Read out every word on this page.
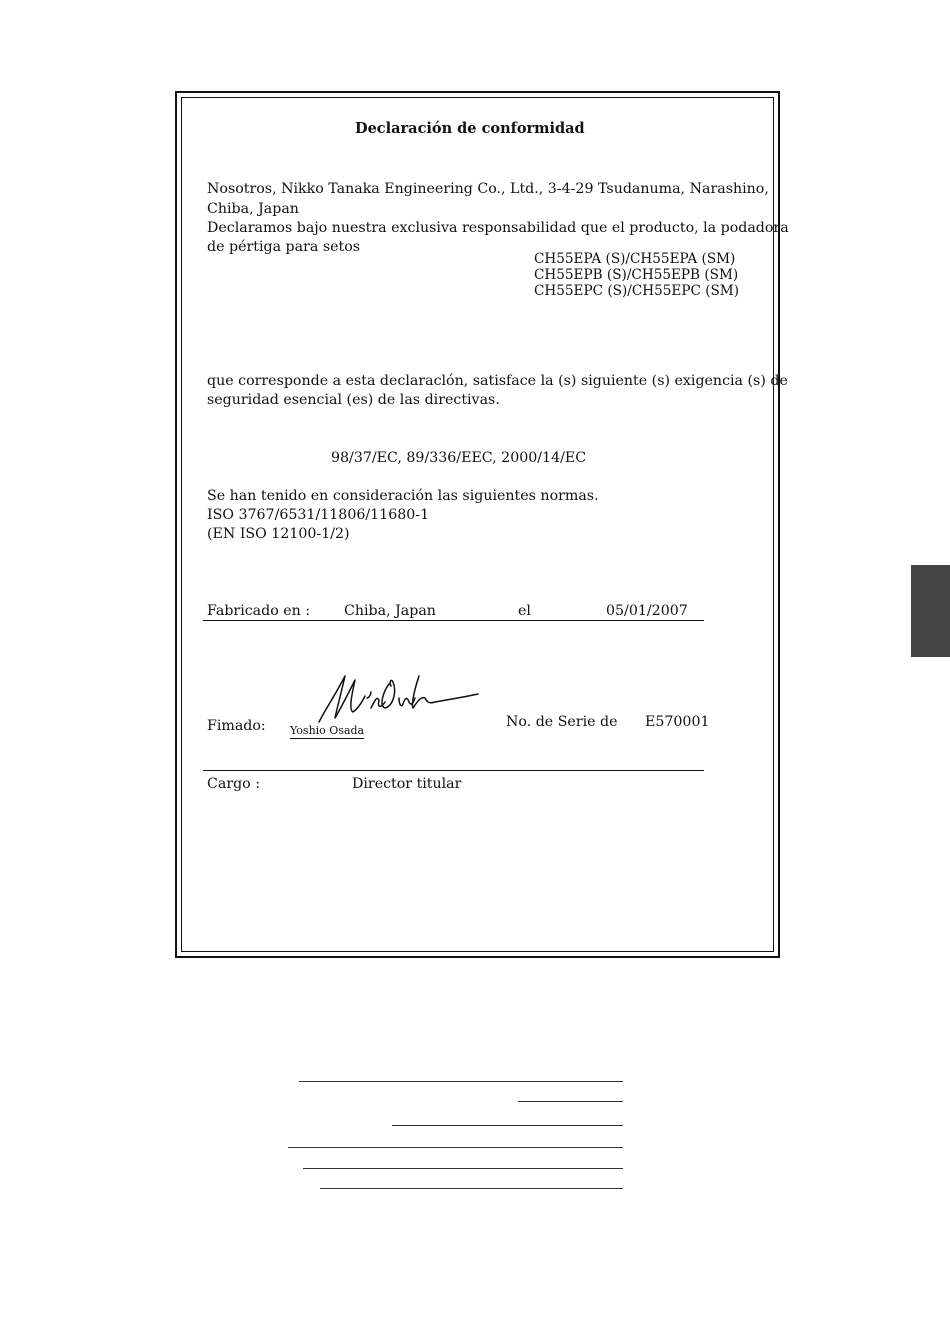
Declaración de conformidad
Nosotros, Nikko Tanaka Engineering Co., Ltd., 3-4-29 Tsudanuma, Narashino,
Chiba, Japan
Declaramos bajo nuestra exclusiva responsabilidad que el producto, la podadora
de pértiga para setos
CH55EPA (S)/CH55EPA (SM)
CH55EPB (S)/CH55EPB (SM)
CH55EPC (S)/CH55EPC (SM)
que corresponde a esta declaraclón, satisface la (s) siguiente (s) exigencia (s) de
seguridad esencial (es) de las directivas.
98/37/EC, 89/336/EEC, 2000/14/EC
Se han tenido en consideración las siguientes normas.
ISO 3767/6531/11806/11680-1
(EN ISO 12100-1/2)
Fabricado en : Chiba, Japan	el	05/01/2007
Fimado: Yoshio Osada
No. de Serie de E570001
Cargo :	Director titular
